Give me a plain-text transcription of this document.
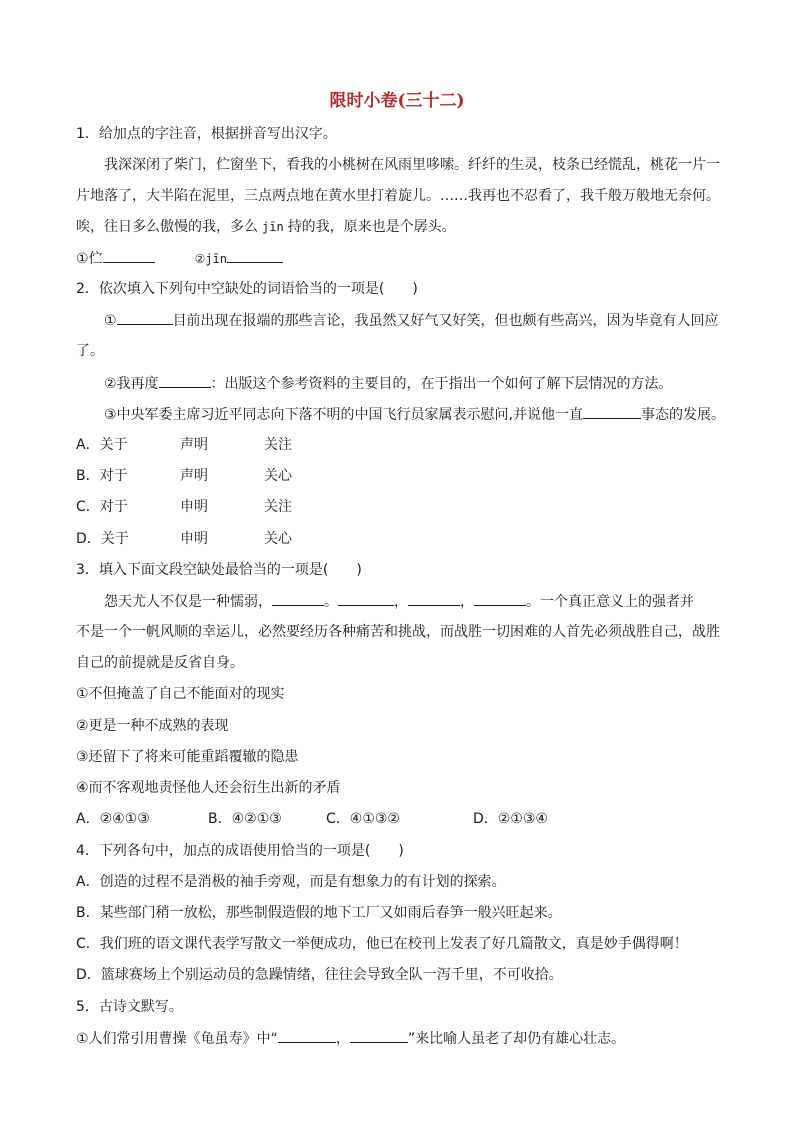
限时小卷(三十二)
1．给加点的字注音，根据拼音写出汉字。
我深深闭了柴门，伫窗坐下，看我的小桃树在风雨里哆嗦。纤纤的生灵，枝条已经慌乱，桃花一片一
片地落了，大半陷在泥里，三点两点地在黄水里打着旋儿。……我再也不忍看了，我千般万般地无奈何。
唉，往日多么傲慢的我，多么 jīn 持的我，原来也是个孱头。
①伫	②jīn
2．依次填入下列句中空缺处的词语恰当的一项是(　　)
①	目前出现在报端的那些言论，我虽然又好气又好笑，但也颇有些高兴，因为毕竟有人回应
了。
②我再度	：出版这个参考资料的主要目的，在于指出一个如何了解下层情况的方法。
③中央军委主席习近平同志向下落不明的中国飞行员家属表示慰问,并说他一直	事态的发展。
A．关于	声明	关注
B．对于	声明	关心
C．对于	申明	关注
D．关于	申明	关心
3．填入下面文段空缺处最恰当的一项是(　　)
怨天尤人不仅是一种懦弱，	。	，	，	。一个真正意义上的强者并
不是一个一帆风顺的幸运儿，必然要经历各种痛苦和挑战，而战胜一切困难的人首先必须战胜自己，战胜
自己的前提就是反省自身。
①不但掩盖了自己不能面对的现实
②更是一种不成熟的表现
③还留下了将来可能重蹈覆辙的隐患
④而不客观地责怪他人还会衍生出新的矛盾
A．②④①③	B．④②①③	C．④①③②	D．②①③④
4．下列各句中，加点的成语使用恰当的一项是(　　)
A．创造的过程不是消极的袖手旁观，而是有想象力的有计划的探索。
B．某些部门稍一放松，那些制假造假的地下工厂又如雨后春笋一般兴旺起来。
C．我们班的语文课代表学写散文一举便成功，他已在校刊上发表了好几篇散文，真是妙手偶得啊！
D．篮球赛场上个别运动员的急躁情绪，往往会导致全队一泻千里，不可收拾。
5．古诗文默写。
①人们常引用曹操《龟虽寿》中“	，	”来比喻人虽老了却仍有雄心壮志。
